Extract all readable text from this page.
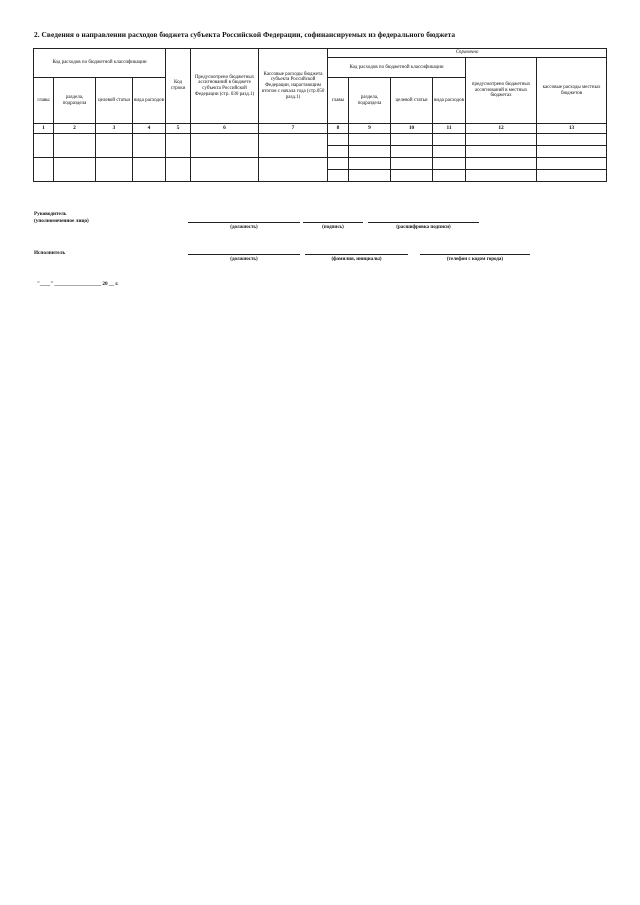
2. Сведения о направлении расходов бюджета субъекта Российской Федерации, софинансируемых из федерального бюджета
Код расходов по бюджетной классификации				Код строки	Предусмотрено бюджетных ассигнований в бюджете субъекта Российской Федерации (стр. 030 разд.1)	Кассовые расходы бюджета субъекта Российской Федерации, нарастающим итогом с начала года (стр.050 разд.1)	Справочно					
							Код расходов по бюджетной классификации				предусмотрено бюджетных ассигнований в местных бюджетах	кассовые расходы местных бюджетов
главы	раздела, подраздела	целевой статьи	вида расходов				главы	раздела, подраздела	целевой статьи	вида расходов		
1	2	3	4	5	6	7	8	9	10	11	12	13

Руководитель
(уполномоченное лицо)
(должность)	(подпись)	(расшифровка подписи)
Исполнитель
(должность)	(фамилия, инициалы)	(телефон с кодом города)
"____" __________________ 20 __ г.
